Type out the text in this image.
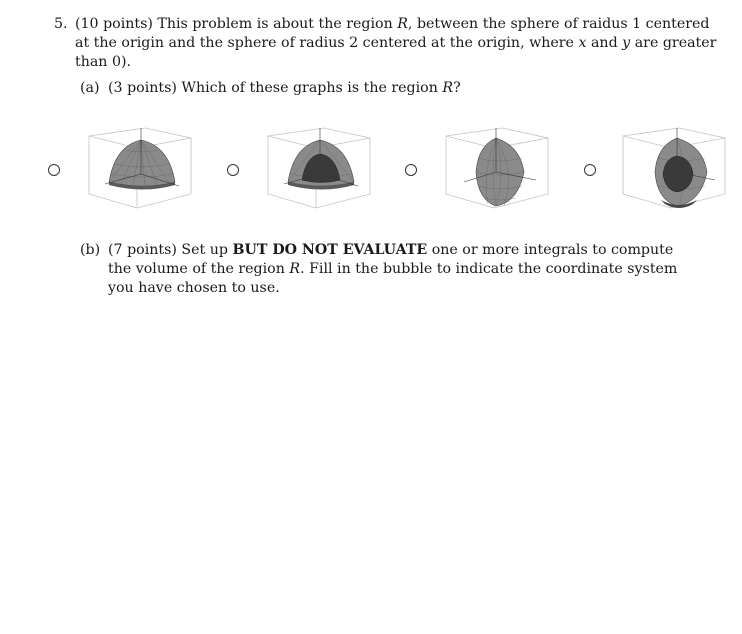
5. (10 points) This problem is about the region R, between the sphere of raidus 1 centered
at the origin and the sphere of radius 2 centered at the origin, where x and y are greater
than 0).
(a) (3 points) Which of these graphs is the region R?
(b) (7 points) Set up BUT DO NOT EVALUATE one or more integrals to compute
the volume of the region R. Fill in the bubble to indicate the coordinate system
you have chosen to use.
